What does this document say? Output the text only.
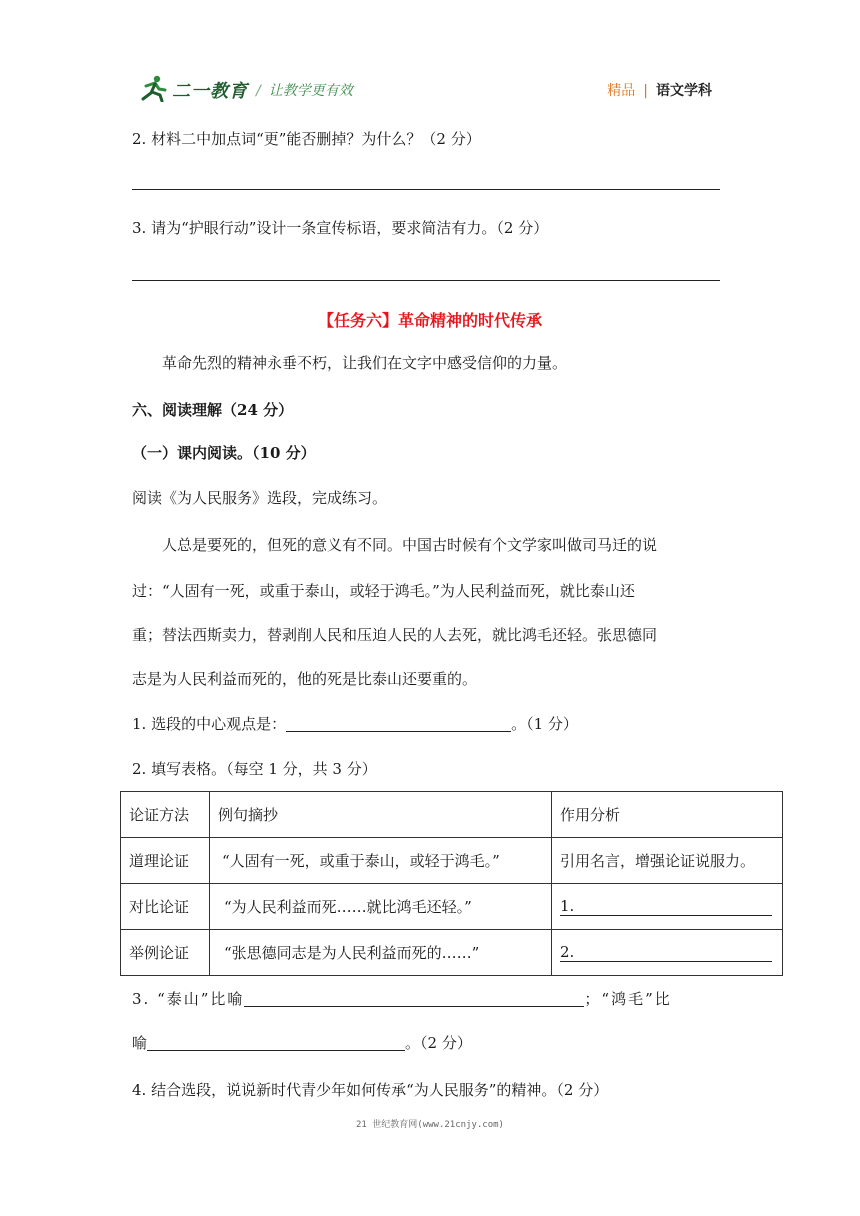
二一教育 / 让教学更有效	精品 | 语文学科
2. 材料二中加点词“更”能否删掉？为什么？（2 分）
3. 请为“护眼行动”设计一条宣传标语，要求简洁有力。（2 分）
【任务六】革命精神的时代传承
革命先烈的精神永垂不朽，让我们在文字中感受信仰的力量。
六、阅读理解（24 分）
（一）课内阅读。（10 分）
阅读《为人民服务》选段，完成练习。
人总是要死的，但死的意义有不同。中国古时候有个文学家叫做司马迁的说
过：“人固有一死，或重于泰山，或轻于鸿毛。”为人民利益而死，就比泰山还
重；替法西斯卖力，替剥削人民和压迫人民的人去死，就比鸿毛还轻。张思德同
志是为人民利益而死的，他的死是比泰山还要重的。
1. 选段的中心观点是：	。（1 分）
2. 填写表格。（每空 1 分，共 3 分）
论证方法	例句摘抄	作用分析
道理论证	“人固有一死，或重于泰山，或轻于鸿毛。”	引用名言，增强论证说服力。
对比论证	“为人民利益而死……就比鸿毛还轻。”	1.
举例论证	“张思德同志是为人民利益而死的……”	2.
3. “泰山”比喻	；“鸿毛”比
喻	。（2 分）
4. 结合选段，说说新时代青少年如何传承“为人民服务”的精神。（2 分）
21 世纪教育网(www.21cnjy.com)
